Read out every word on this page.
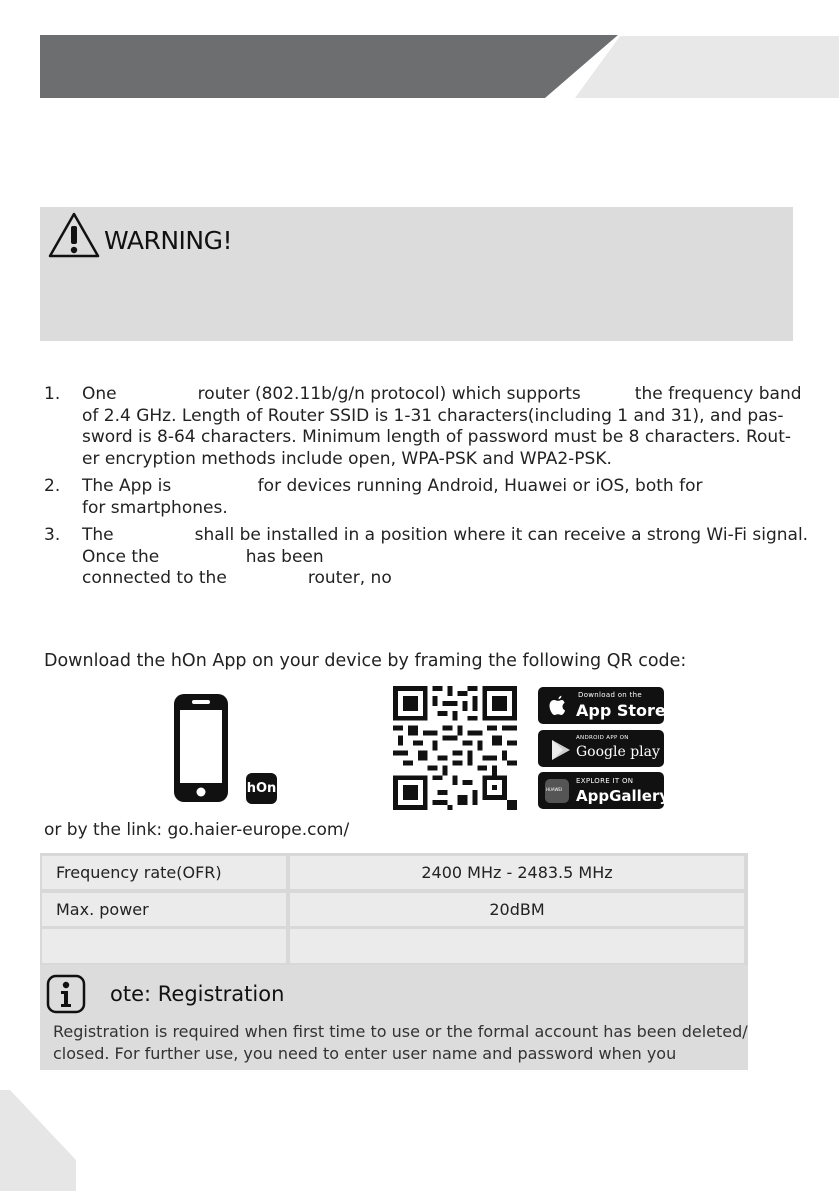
WARNING!
1. One               router (802.11b/g/n protocol) which supports          the frequency band
of 2.4 GHz. Length of Router SSID is 1-31 characters(including 1 and 31), and pas-
sword is 8-64 characters. Minimum length of password must be 8 characters. Rout-
er encryption methods include open, WPA-PSK and WPA2-PSK.
2. The App is                for devices running Android, Huawei or iOS, both for
for smartphones.
3. The               shall be installed in a position where it can receive a strong Wi-Fi signal.
Once the                has been
connected to the               router, no
Download the hOn App on your device by framing the following QR code:
hOn
Download on the
App Store
ANDROID APP ON
Google play
HUAWEI
EXPLORE IT ON
AppGallery
or by the link: go.haier-europe.com/
Frequency rate(OFR)	2400 MHz - 2483.5 MHz
Max. power	20dBM
ote: Registration
Registration is required when first time to use or the formal account has been deleted/
closed. For further use, you need to enter user name and password when you
